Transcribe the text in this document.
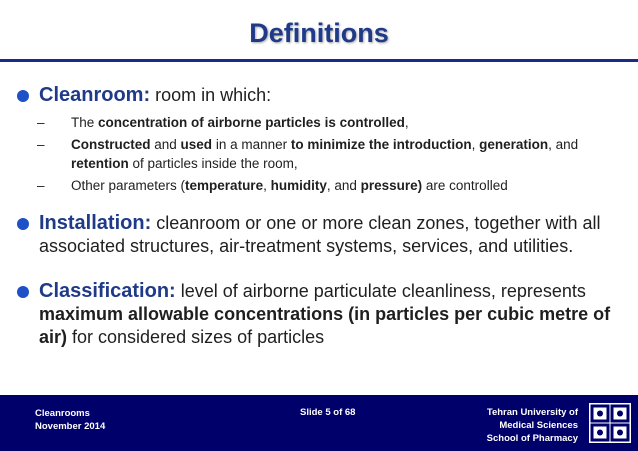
Definitions
Cleanroom: room in which:
–	The concentration of airborne particles is controlled,
–	Constructed and used in a manner to minimize the introduction, generation, and retention of particles inside the room,
–	Other parameters (temperature, humidity, and pressure) are controlled
Installation: cleanroom or one or more clean zones, together with all associated structures, air-treatment systems, services, and utilities.
Classification: level of airborne particulate cleanliness, represents maximum allowable concentrations (in particles per cubic metre of air) for considered sizes of particles
Cleanrooms
November 2014
Slide 5 of 68	Tehran University of
Medical Sciences
School of Pharmacy
